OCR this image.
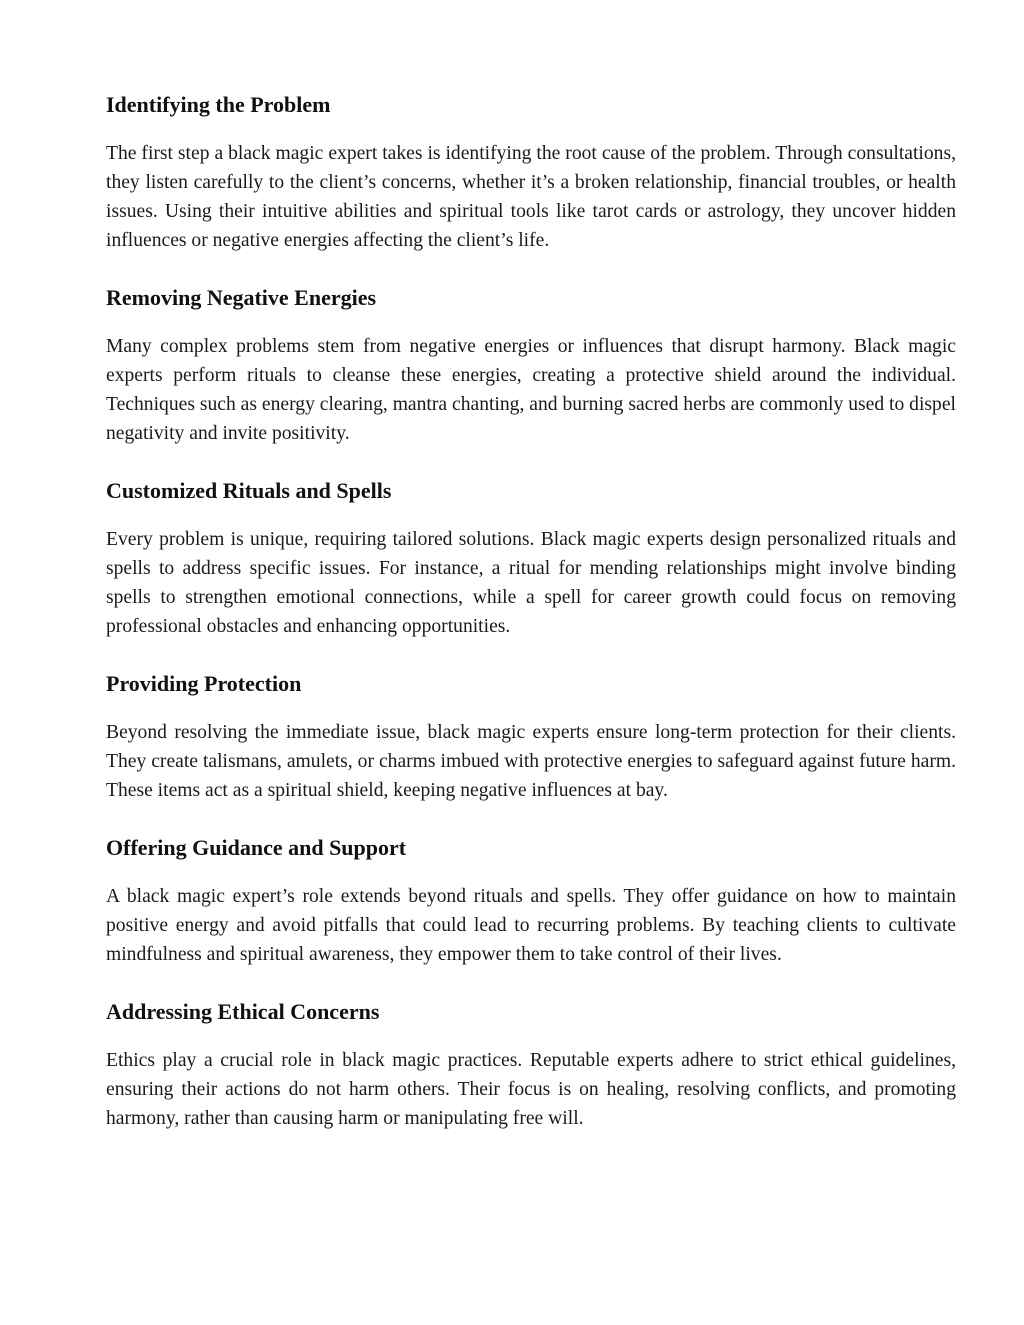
Identifying the Problem

The first step a black magic expert takes is identifying the root cause of the problem. Through consultations, they listen carefully to the client’s concerns, whether it’s a broken relationship, financial troubles, or health issues. Using their intuitive abilities and spiritual tools like tarot cards or astrology, they uncover hidden influences or negative energies affecting the client’s life.

Removing Negative Energies

Many complex problems stem from negative energies or influences that disrupt harmony. Black magic experts perform rituals to cleanse these energies, creating a protective shield around the individual. Techniques such as energy clearing, mantra chanting, and burning sacred herbs are commonly used to dispel negativity and invite positivity.

Customized Rituals and Spells

Every problem is unique, requiring tailored solutions. Black magic experts design personalized rituals and spells to address specific issues. For instance, a ritual for mending relationships might involve binding spells to strengthen emotional connections, while a spell for career growth could focus on removing professional obstacles and enhancing opportunities.

Providing Protection

Beyond resolving the immediate issue, black magic experts ensure long-term protection for their clients. They create talismans, amulets, or charms imbued with protective energies to safeguard against future harm. These items act as a spiritual shield, keeping negative influences at bay.

Offering Guidance and Support

A black magic expert’s role extends beyond rituals and spells. They offer guidance on how to maintain positive energy and avoid pitfalls that could lead to recurring problems. By teaching clients to cultivate mindfulness and spiritual awareness, they empower them to take control of their lives.

Addressing Ethical Concerns

Ethics play a crucial role in black magic practices. Reputable experts adhere to strict ethical guidelines, ensuring their actions do not harm others. Their focus is on healing, resolving conflicts, and promoting harmony, rather than causing harm or manipulating free will.
